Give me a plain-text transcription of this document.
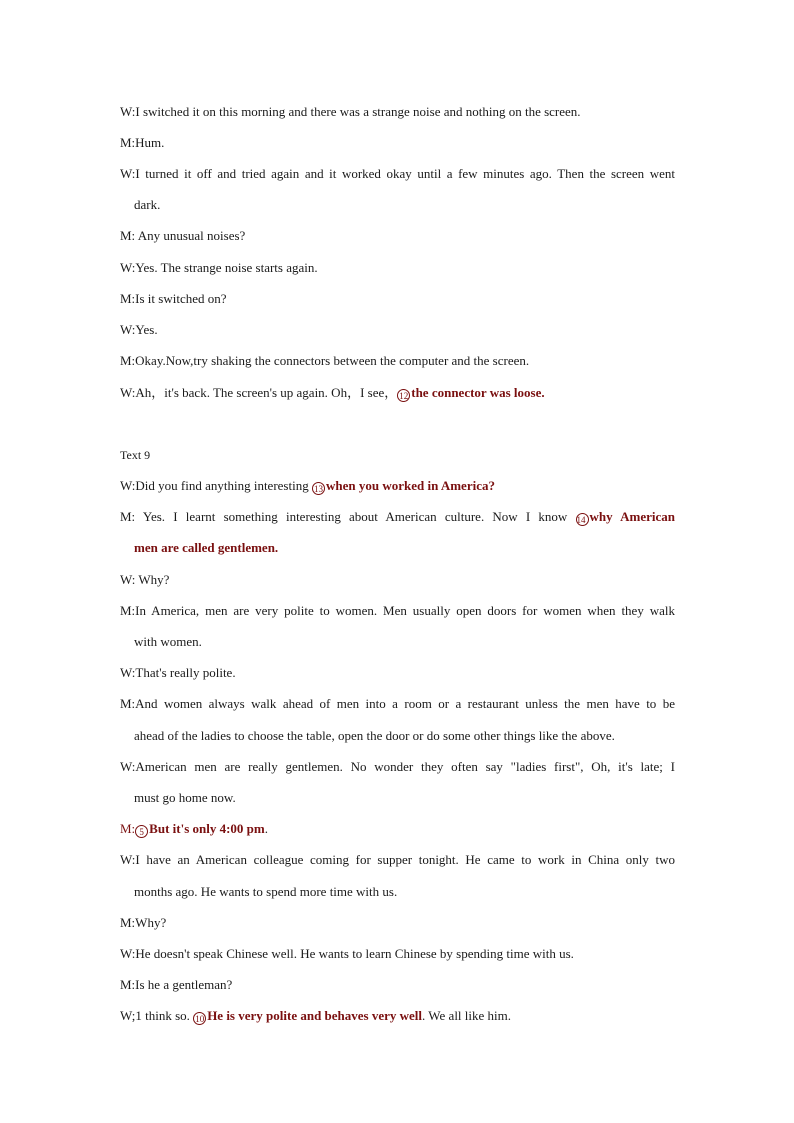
W:I switched it on this morning and there was a strange noise and nothing on the screen.
M:Hum.
W:I turned it off and tried again and it worked okay until a few minutes ago. Then the screen went
dark.
M: Any unusual noises?
W:Yes. The strange noise starts again.
M:Is it switched on?
W:Yes.
M:Okay.Now,try shaking the connectors between the computer and the screen.
W:Ah，it's back. The screen's up again. Oh，I see， 12 the connector was loose.
Text 9
W:Did you find anything interesting 13 when you worked in America?
M: Yes. I learnt something interesting about American culture. Now I know 14 why American
men are called gentlemen.
W: Why?
M:In America, men are very polite to women. Men usually open doors for women when they walk
with women.
W:That's really polite.
M:And women always walk ahead of men into a room or a restaurant unless the men have to be
ahead of the ladies to choose the table, open the door or do some other things like the above.
W:American men are really gentlemen. No wonder they often say "ladies first", Oh, it's late; I
must go home now.
M: 5 But it's only 4:00 pm.
W:I have an American colleague coming for supper tonight. He came to work in China only two
months ago. He wants to spend more time with us.
M:Why?
W:He doesn't speak Chinese well. He wants to learn Chinese by spending time with us.
M:Is he a gentleman?
W;1 think so. 10 He is very polite and behaves very well. We all like him.
